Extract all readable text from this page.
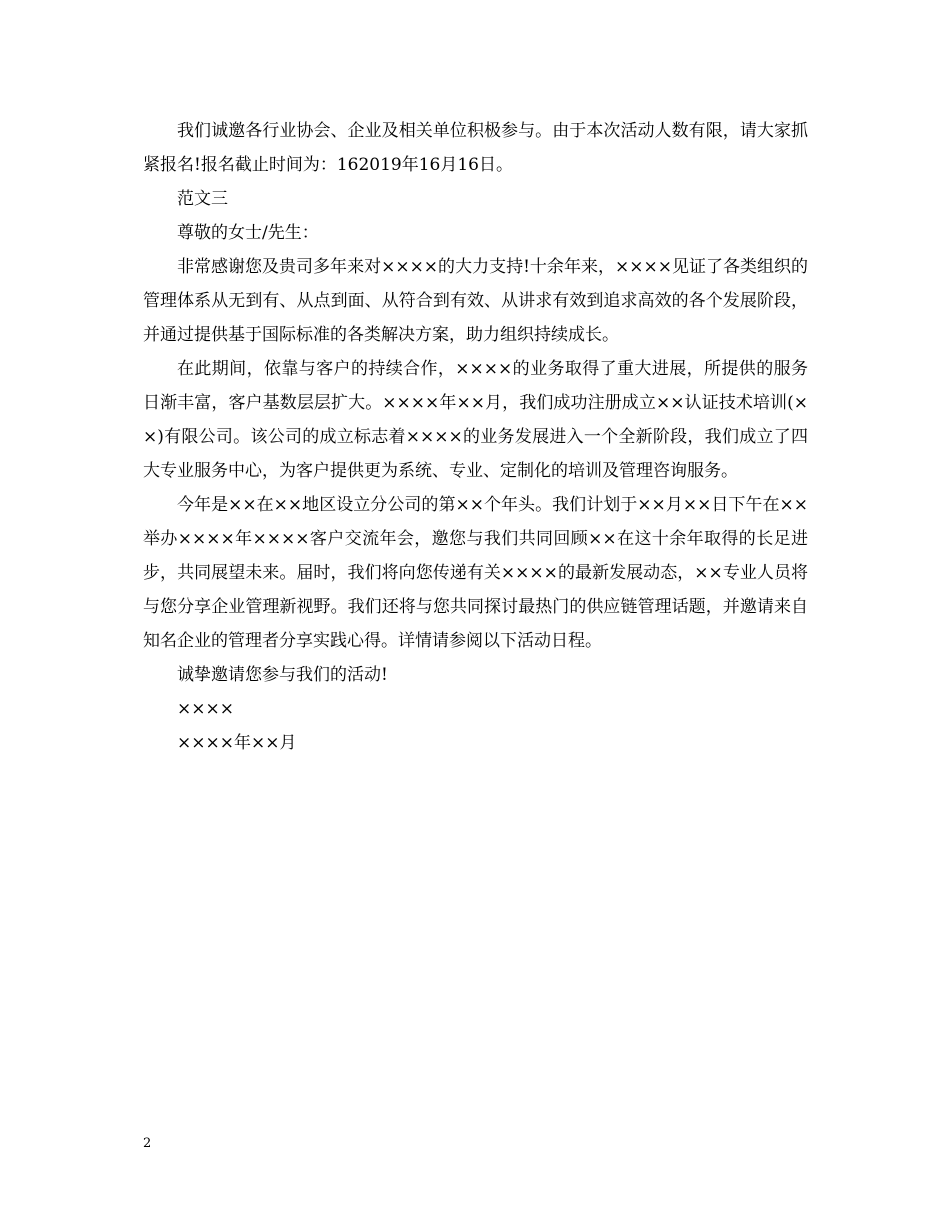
我们诚邀各行业协会、企业及相关单位积极参与。由于本次活动人数有限，请大家抓紧报名!报名截止时间为：162019年16月16日。

范文三

尊敬的女士/先生：

非常感谢您及贵司多年来对××××的大力支持!十余年来，××××见证了各类组织的管理体系从无到有、从点到面、从符合到有效、从讲求有效到追求高效的各个发展阶段，并通过提供基于国际标准的各类解决方案，助力组织持续成长。

在此期间，依靠与客户的持续合作，××××的业务取得了重大进展，所提供的服务日渐丰富，客户基数层层扩大。××××年××月，我们成功注册成立××认证技术培训(××)有限公司。该公司的成立标志着××××的业务发展进入一个全新阶段，我们成立了四大专业服务中心，为客户提供更为系统、专业、定制化的培训及管理咨询服务。

今年是××在××地区设立分公司的第××个年头。我们计划于××月××日下午在××举办××××年××××客户交流年会，邀您与我们共同回顾××在这十余年取得的长足进步，共同展望未来。届时，我们将向您传递有关××××的最新发展动态，××专业人员将与您分享企业管理新视野。我们还将与您共同探讨最热门的供应链管理话题，并邀请来自知名企业的管理者分享实践心得。详情请参阅以下活动日程。

诚挚邀请您参与我们的活动!

××××

××××年××月

2
